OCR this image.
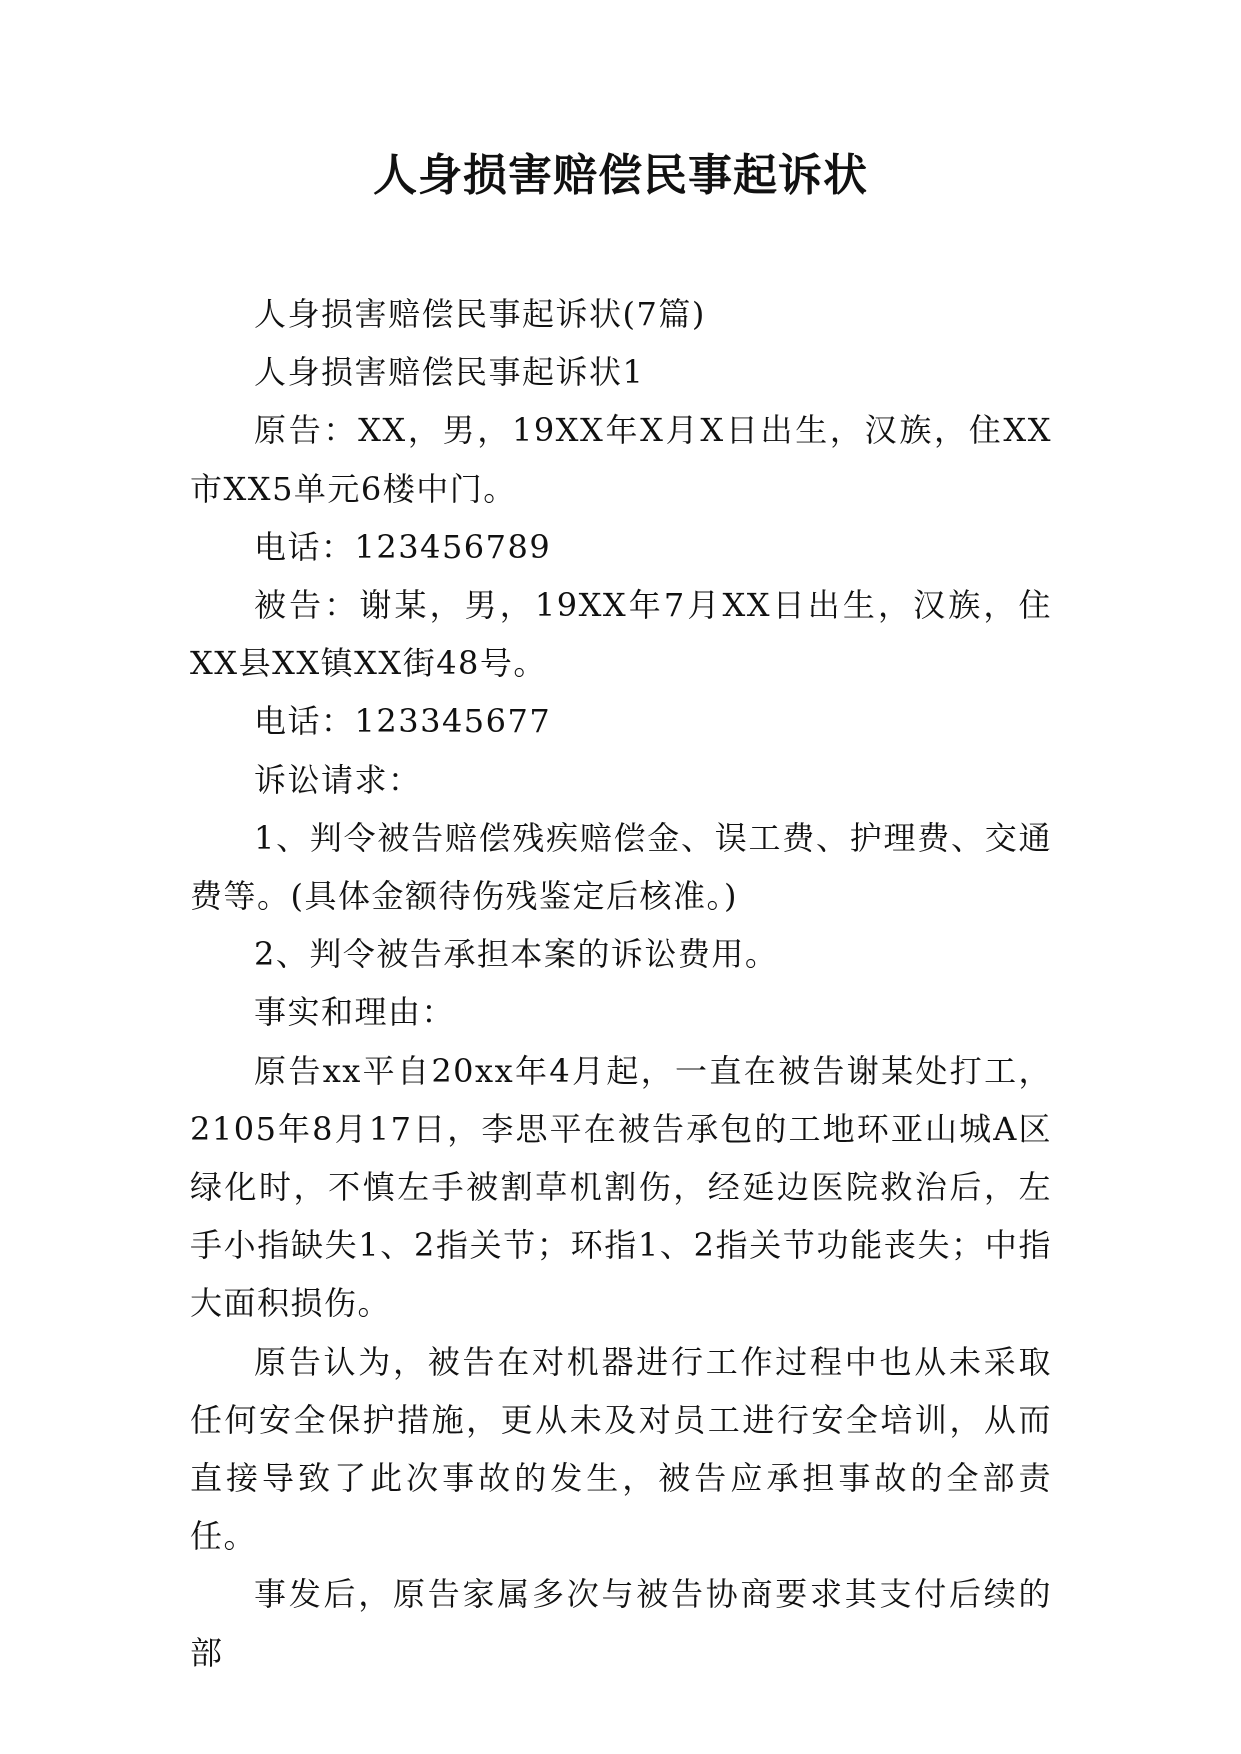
人身损害赔偿民事起诉状

人身损害赔偿民事起诉状(7篇)

人身损害赔偿民事起诉状1

原告：XX，男，19XX年X月X日出生，汉族，住XX市XX5单元6楼中门。

电话：123456789

被告：谢某，男，19XX年7月XX日出生，汉族，住XX县XX镇XX街48号。

电话：123345677

诉讼请求：

1、判令被告赔偿残疾赔偿金、误工费、护理费、交通费等。(具体金额待伤残鉴定后核准。)

2、判令被告承担本案的诉讼费用。

事实和理由：

原告xx平自20xx年4月起，一直在被告谢某处打工，2105年8月17日，李思平在被告承包的工地环亚山城A区绿化时，不慎左手被割草机割伤，经延边医院救治后，左手小指缺失1、2指关节；环指1、2指关节功能丧失；中指大面积损伤。

原告认为，被告在对机器进行工作过程中也从未采取任何安全保护措施，更从未及对员工进行安全培训，从而直接导致了此次事故的发生，被告应承担事故的全部责任。

事发后，原告家属多次与被告协商要求其支付后续的部
